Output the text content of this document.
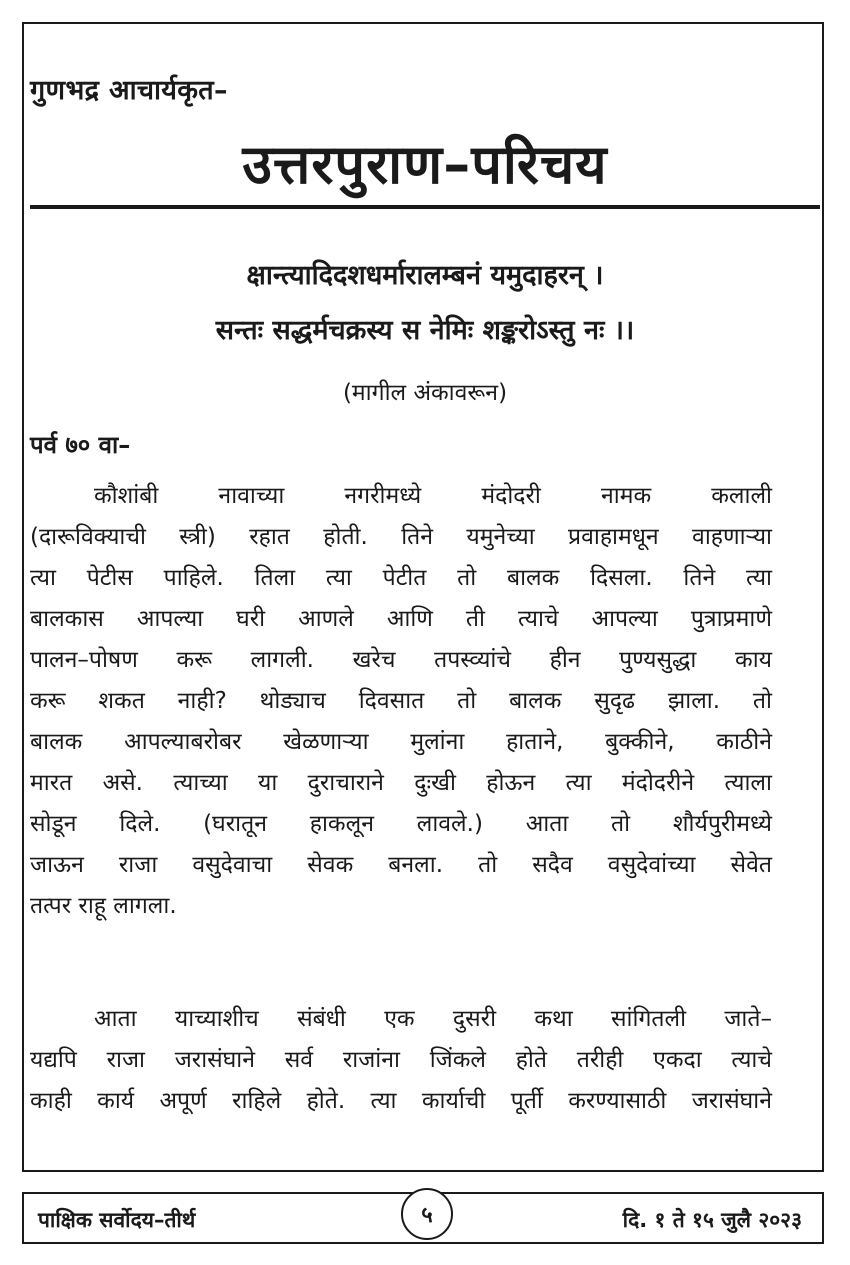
गुणभद्र आचार्यकृत–
उत्तरपुराण–परिचय
क्षान्त्यादिदशधर्मारालम्बनं यमुदाहरन्‌ ।
सन्तः सद्धर्मचक्रस्य स नेमिः शङ्करोऽस्तु नः ।।
(मागील अंकावरून)
पर्व ७० वा–
कौशांबी नावाच्या नगरीमध्ये मंदोदरी नामक कलाली
(दारूविक्याची स्त्री) रहात होती. तिने यमुनेच्या प्रवाहामधून वाहणाऱ्या
त्या पेटीस पाहिले. तिला त्या पेटीत तो बालक दिसला. तिने त्या
बालकास आपल्या घरी आणले आणि ती त्याचे आपल्या पुत्राप्रमाणे
पालन–पोषण करू लागली. खरेच तपस्व्यांचे हीन पुण्यसुद्धा काय
करू शकत नाही? थोड्याच दिवसात तो बालक सुदृढ झाला. तो
बालक आपल्याबरोबर खेळणाऱ्या मुलांना हाताने, बुक्कीने, काठीने
मारत असे. त्याच्या या दुराचाराने दुःखी होऊन त्या मंदोदरीने त्याला
सोडून दिले. (घरातून हाकलून लावले.) आता तो शौर्यपुरीमध्ये
जाऊन राजा वसुदेवाचा सेवक बनला. तो सदैव वसुदेवांच्या सेवेत
तत्पर राहू लागला.
आता याच्याशीच संबंधी एक दुसरी कथा सांगितली जाते–
यद्यपि राजा जरासंघाने सर्व राजांना जिंकले होते तरीही एकदा त्याचे
काही कार्य अपूर्ण राहिले होते. त्या कार्याची पूर्ती करण्यासाठी जरासंघाने
पाक्षिक सर्वोदय–तीर्थ	५	दि. १ ते १५ जुलै २०२३
